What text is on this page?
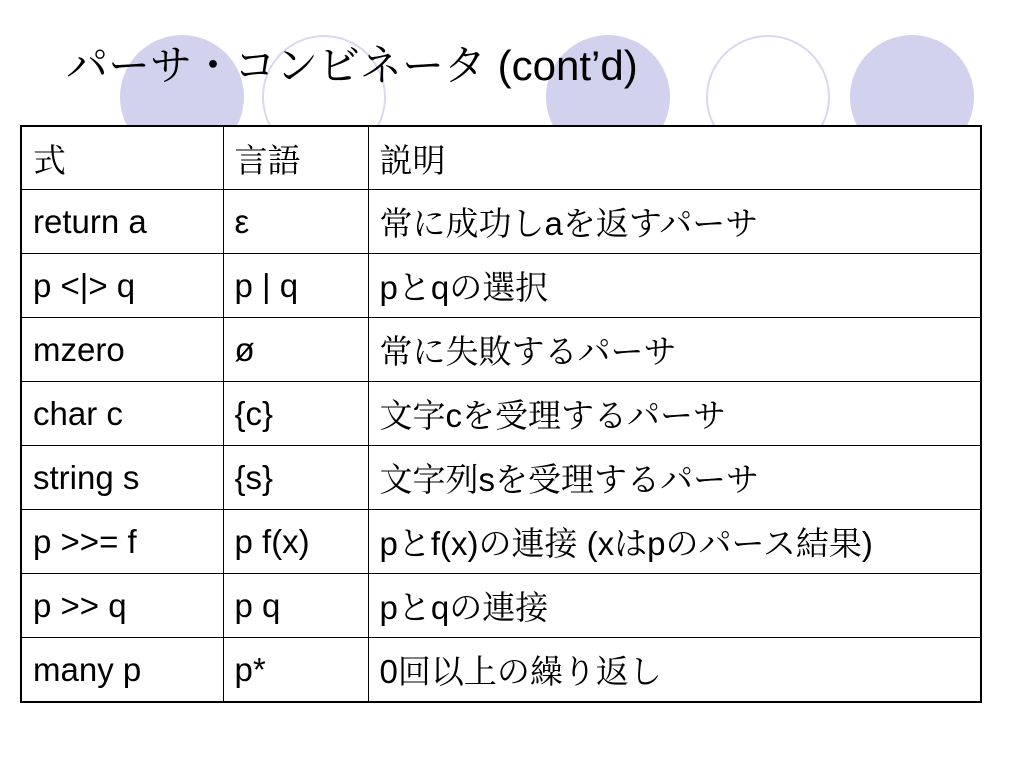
パーサ・コンビネータ (cont’d)
式	言語	説明
return a	ε	常に成功しaを返すパーサ
p <|> q	p | q	pとqの選択
mzero	ø	常に失敗するパーサ
char c	{c}	文字cを受理するパーサ
string s	{s}	文字列sを受理するパーサ
p >>= f	p f(x)	pとf(x)の連接 (xはpのパース結果)
p >> q	p q	pとqの連接
many p	p*	0回以上の繰り返し
